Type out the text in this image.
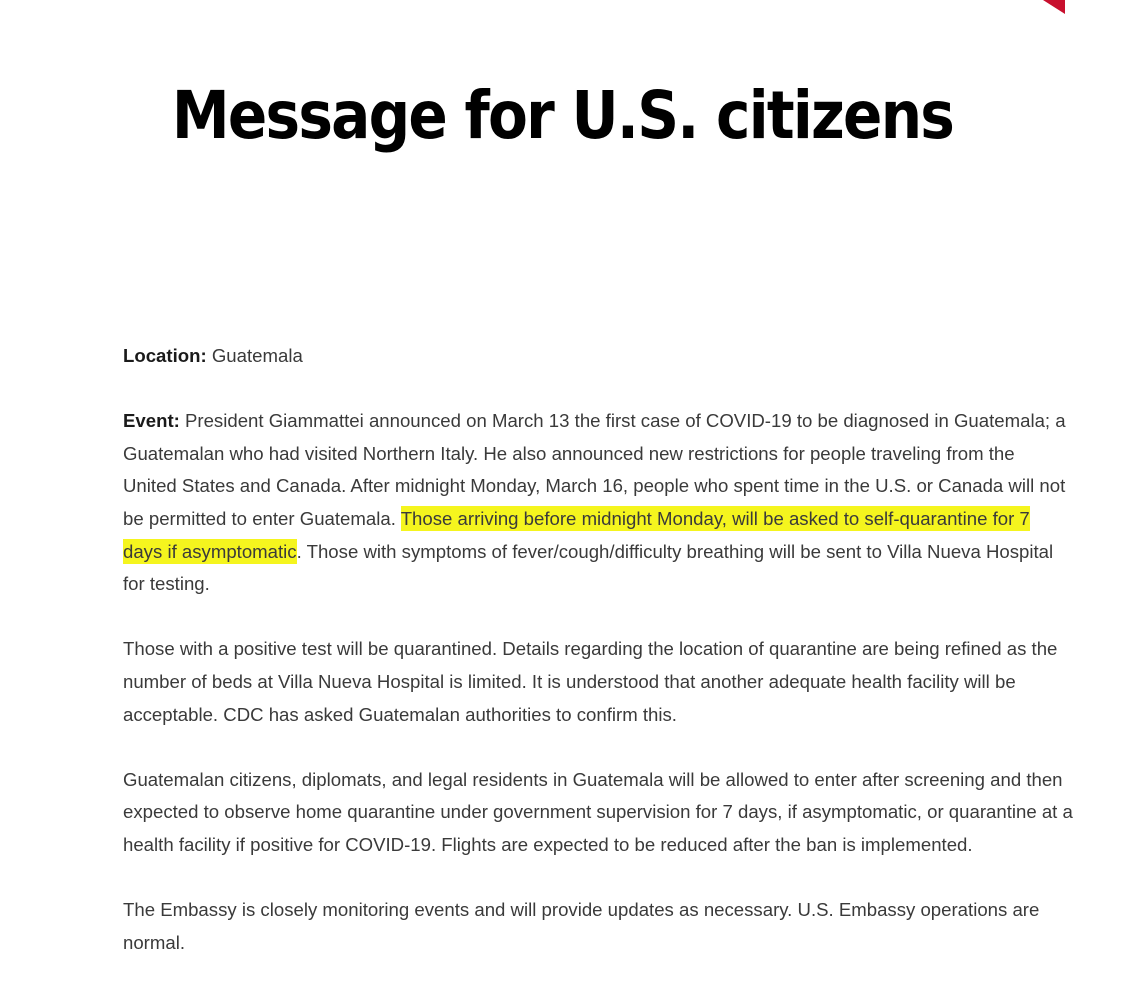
Message for U.S. citizens

Location: Guatemala

Event: President Giammattei announced on March 13 the first case of COVID-19 to be diagnosed in Guatemala; a Guatemalan who had visited Northern Italy. He also announced new restrictions for people traveling from the United States and Canada. After midnight Monday, March 16, people who spent time in the U.S. or Canada will not be permitted to enter Guatemala. Those arriving before midnight Monday, will be asked to self-quarantine for 7 days if asymptomatic. Those with symptoms of fever/cough/difficulty breathing will be sent to Villa Nueva Hospital for testing.

Those with a positive test will be quarantined. Details regarding the location of quarantine are being refined as the number of beds at Villa Nueva Hospital is limited. It is understood that another adequate health facility will be acceptable. CDC has asked Guatemalan authorities to confirm this.

Guatemalan citizens, diplomats, and legal residents in Guatemala will be allowed to enter after screening and then expected to observe home quarantine under government supervision for 7 days, if asymptomatic, or quarantine at a health facility if positive for COVID-19. Flights are expected to be reduced after the ban is implemented.

The Embassy is closely monitoring events and will provide updates as necessary. U.S. Embassy operations are normal.
